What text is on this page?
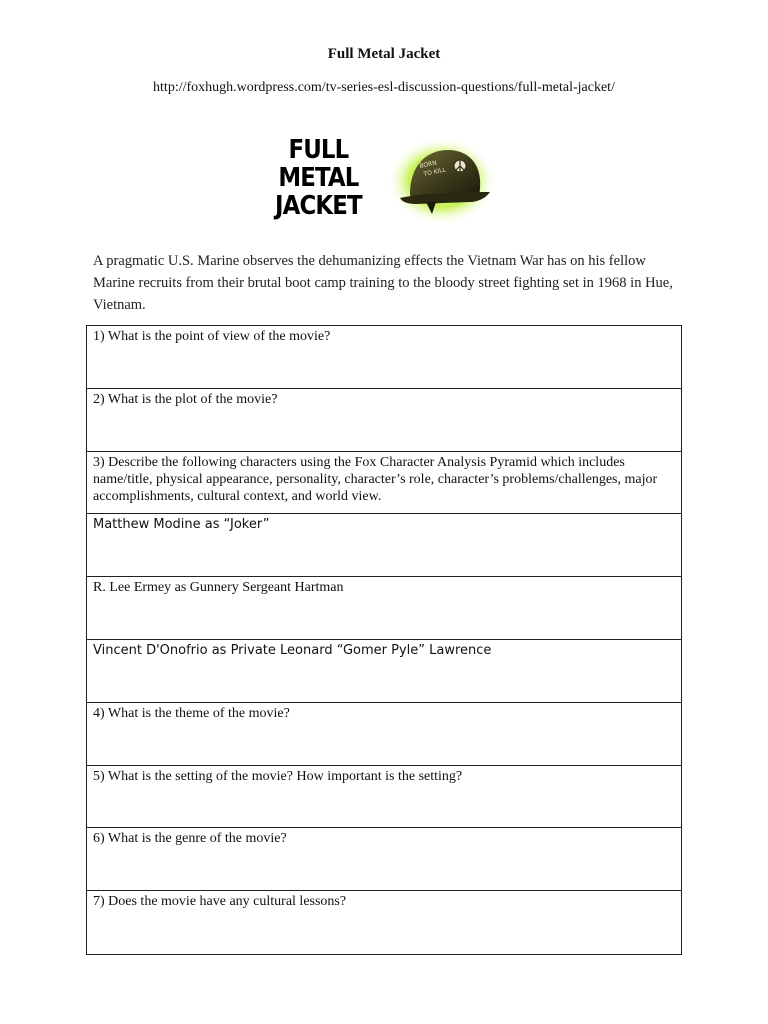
Full Metal Jacket
http://foxhugh.wordpress.com/tv-series-esl-discussion-questions/full-metal-jacket/
FULL
METAL
JACKET
BORN
TO KILL
A pragmatic U.S. Marine observes the dehumanizing effects the Vietnam War has on his fellow Marine recruits from their brutal boot camp training to the bloody street fighting set in 1968 in Hue, Vietnam.
1) What is the point of view of the movie?
2) What is the plot of the movie?
3) Describe the following characters using the Fox Character Analysis Pyramid which includes name/title, physical appearance, personality, character’s role, character’s problems/challenges, major accomplishments, cultural context, and world view.
Matthew Modine as “Joker”
R. Lee Ermey as Gunnery Sergeant Hartman
Vincent D'Onofrio as Private Leonard “Gomer Pyle” Lawrence
4) What is the theme of the movie?
5) What is the setting of the movie? How important is the setting?
6) What is the genre of the movie?
7) Does the movie have any cultural lessons?
